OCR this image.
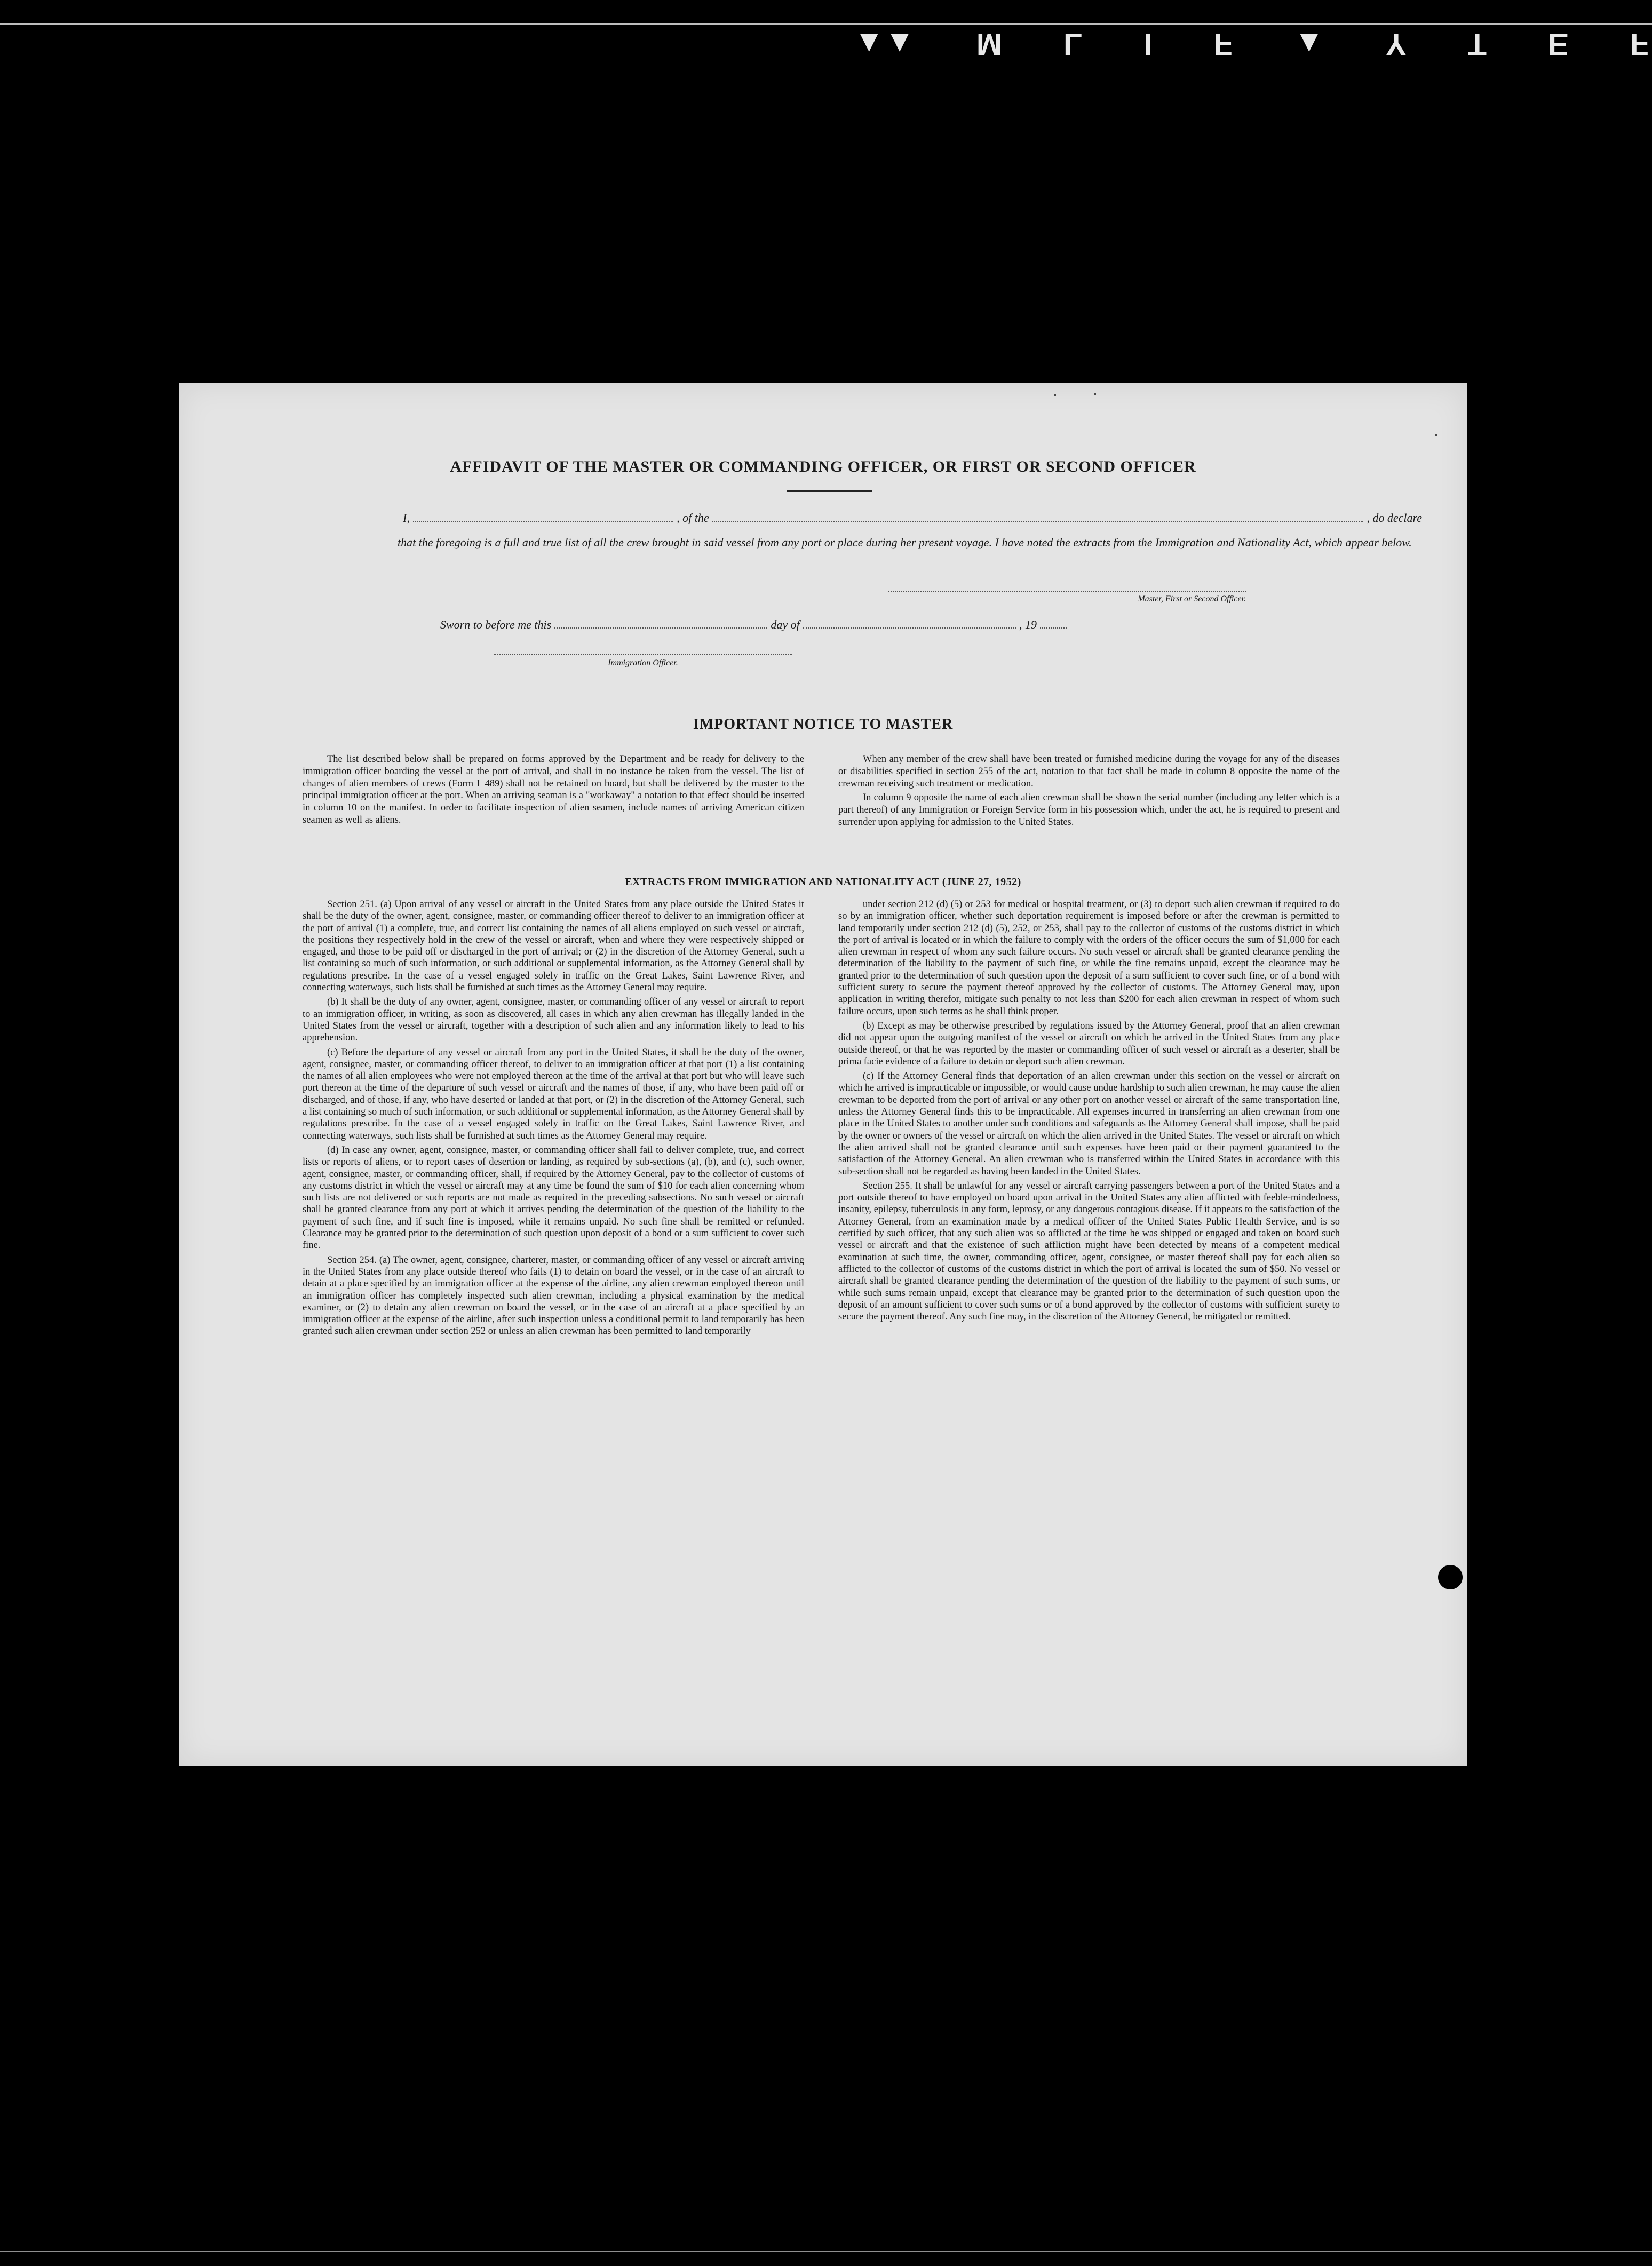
▲▲ M L I F ▲ Y T E F
AFFIDAVIT OF THE MASTER OR COMMANDING OFFICER, OR FIRST OR SECOND OFFICER
I,	, of the	, do declare
that the foregoing is a full and true list of all the crew brought in said vessel from any port or place during her present voyage. I have noted the extracts from the Immigration and Nationality Act, which appear below.
Master, First or Second Officer.
Sworn to before me this	day of	, 19
Immigration Officer.
IMPORTANT NOTICE TO MASTER

The list described below shall be prepared on forms approved by the Department and be ready for delivery to the immigration officer boarding the vessel at the port of arrival, and shall in no instance be taken from the vessel. The list of changes of alien members of crews (Form I–489) shall not be retained on board, but shall be delivered by the master to the principal immigration officer at the port. When an arriving seaman is a "workaway" a notation to that effect should be inserted in column 10 on the manifest. In order to facilitate inspection of alien seamen, include names of arriving American citizen seamen as well as aliens.

When any member of the crew shall have been treated or furnished medicine during the voyage for any of the diseases or disabilities specified in section 255 of the act, notation to that fact shall be made in column 8 opposite the name of the crewman receiving such treatment or medication.

In column 9 opposite the name of each alien crewman shall be shown the serial number (including any letter which is a part thereof) of any Immigration or Foreign Service form in his possession which, under the act, he is required to present and surrender upon applying for admission to the United States.

EXTRACTS FROM IMMIGRATION AND NATIONALITY ACT (JUNE 27, 1952)

Section 251. (a) Upon arrival of any vessel or aircraft in the United States from any place outside the United States it shall be the duty of the owner, agent, consignee, master, or commanding officer thereof to deliver to an immigration officer at the port of arrival (1) a complete, true, and correct list containing the names of all aliens employed on such vessel or aircraft, the positions they respectively hold in the crew of the vessel or aircraft, when and where they were respectively shipped or engaged, and those to be paid off or discharged in the port of arrival; or (2) in the discretion of the Attorney General, such a list containing so much of such information, or such additional or supplemental information, as the Attorney General shall by regulations prescribe. In the case of a vessel engaged solely in traffic on the Great Lakes, Saint Lawrence River, and connecting waterways, such lists shall be furnished at such times as the Attorney General may require.

(b) It shall be the duty of any owner, agent, consignee, master, or commanding officer of any vessel or aircraft to report to an immigration officer, in writing, as soon as discovered, all cases in which any alien crewman has illegally landed in the United States from the vessel or aircraft, together with a description of such alien and any information likely to lead to his apprehension.

(c) Before the departure of any vessel or aircraft from any port in the United States, it shall be the duty of the owner, agent, consignee, master, or commanding officer thereof, to deliver to an immigration officer at that port (1) a list containing the names of all alien employees who were not employed thereon at the time of the arrival at that port but who will leave such port thereon at the time of the departure of such vessel or aircraft and the names of those, if any, who have been paid off or discharged, and of those, if any, who have deserted or landed at that port, or (2) in the discretion of the Attorney General, such a list containing so much of such information, or such additional or supplemental information, as the Attorney General shall by regulations prescribe. In the case of a vessel engaged solely in traffic on the Great Lakes, Saint Lawrence River, and connecting waterways, such lists shall be furnished at such times as the Attorney General may require.

(d) In case any owner, agent, consignee, master, or commanding officer shall fail to deliver complete, true, and correct lists or reports of aliens, or to report cases of desertion or landing, as required by sub-sections (a), (b), and (c), such owner, agent, consignee, master, or commanding officer, shall, if required by the Attorney General, pay to the collector of customs of any customs district in which the vessel or aircraft may at any time be found the sum of $10 for each alien concerning whom such lists are not delivered or such reports are not made as required in the preceding subsections. No such vessel or aircraft shall be granted clearance from any port at which it arrives pending the determination of the question of the liability to the payment of such fine, and if such fine is imposed, while it remains unpaid. No such fine shall be remitted or refunded. Clearance may be granted prior to the determination of such question upon deposit of a bond or a sum sufficient to cover such fine.

Section 254. (a) The owner, agent, consignee, charterer, master, or commanding officer of any vessel or aircraft arriving in the United States from any place outside thereof who fails (1) to detain on board the vessel, or in the case of an aircraft to detain at a place specified by an immigration officer at the expense of the airline, any alien crewman employed thereon until an immigration officer has completely inspected such alien crewman, including a physical examination by the medical examiner, or (2) to detain any alien crewman on board the vessel, or in the case of an aircraft at a place specified by an immigration officer at the expense of the airline, after such inspection unless a conditional permit to land temporarily has been granted such alien crewman under section 252 or unless an alien crewman has been permitted to land temporarily

under section 212 (d) (5) or 253 for medical or hospital treatment, or (3) to deport such alien crewman if required to do so by an immigration officer, whether such deportation requirement is imposed before or after the crewman is permitted to land temporarily under section 212 (d) (5), 252, or 253, shall pay to the collector of customs of the customs district in which the port of arrival is located or in which the failure to comply with the orders of the officer occurs the sum of $1,000 for each alien crewman in respect of whom any such failure occurs. No such vessel or aircraft shall be granted clearance pending the determination of the liability to the payment of such fine, or while the fine remains unpaid, except the clearance may be granted prior to the determination of such question upon the deposit of a sum sufficient to cover such fine, or of a bond with sufficient surety to secure the payment thereof approved by the collector of customs. The Attorney General may, upon application in writing therefor, mitigate such penalty to not less than $200 for each alien crewman in respect of whom such failure occurs, upon such terms as he shall think proper.

(b) Except as may be otherwise prescribed by regulations issued by the Attorney General, proof that an alien crewman did not appear upon the outgoing manifest of the vessel or aircraft on which he arrived in the United States from any place outside thereof, or that he was reported by the master or commanding officer of such vessel or aircraft as a deserter, shall be prima facie evidence of a failure to detain or deport such alien crewman.

(c) If the Attorney General finds that deportation of an alien crewman under this section on the vessel or aircraft on which he arrived is impracticable or impossible, or would cause undue hardship to such alien crewman, he may cause the alien crewman to be deported from the port of arrival or any other port on another vessel or aircraft of the same transportation line, unless the Attorney General finds this to be impracticable. All expenses incurred in transferring an alien crewman from one place in the United States to another under such conditions and safeguards as the Attorney General shall impose, shall be paid by the owner or owners of the vessel or aircraft on which the alien arrived in the United States. The vessel or aircraft on which the alien arrived shall not be granted clearance until such expenses have been paid or their payment guaranteed to the satisfaction of the Attorney General. An alien crewman who is transferred within the United States in accordance with this sub-section shall not be regarded as having been landed in the United States.

Section 255. It shall be unlawful for any vessel or aircraft carrying passengers between a port of the United States and a port outside thereof to have employed on board upon arrival in the United States any alien afflicted with feeble-mindedness, insanity, epilepsy, tuberculosis in any form, leprosy, or any dangerous contagious disease. If it appears to the satisfaction of the Attorney General, from an examination made by a medical officer of the United States Public Health Service, and is so certified by such officer, that any such alien was so afflicted at the time he was shipped or engaged and taken on board such vessel or aircraft and that the existence of such affliction might have been detected by means of a competent medical examination at such time, the owner, commanding officer, agent, consignee, or master thereof shall pay for each alien so afflicted to the collector of customs of the customs district in which the port of arrival is located the sum of $50. No vessel or aircraft shall be granted clearance pending the determination of the question of the liability to the payment of such sums, or while such sums remain unpaid, except that clearance may be granted prior to the determination of such question upon the deposit of an amount sufficient to cover such sums or of a bond approved by the collector of customs with sufficient surety to secure the payment thereof. Any such fine may, in the discretion of the Attorney General, be mitigated or remitted.
